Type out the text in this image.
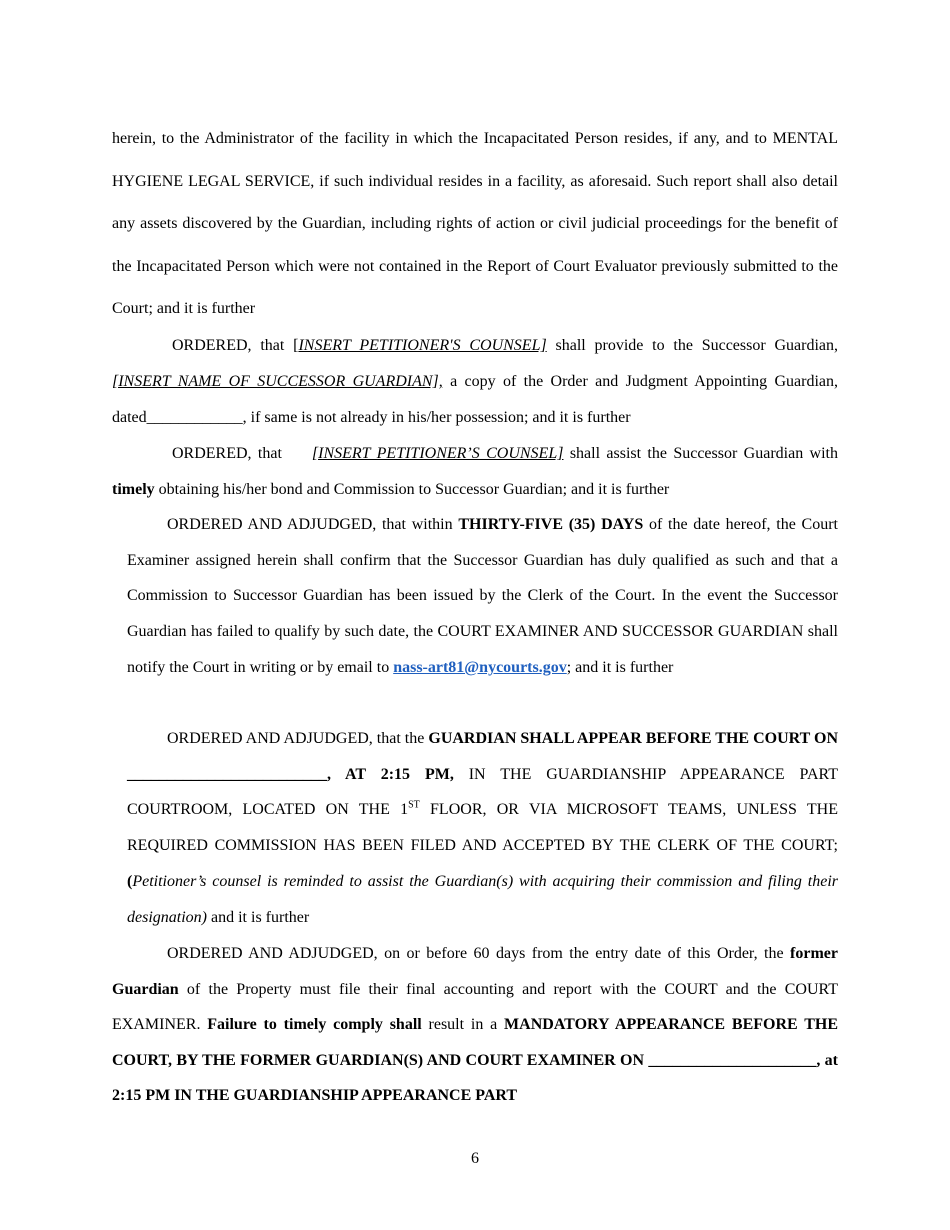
herein, to the Administrator of the facility in which the Incapacitated Person resides, if any, and to MENTAL HYGIENE LEGAL SERVICE, if such individual resides in a facility, as aforesaid. Such report shall also detail any assets discovered by the Guardian, including rights of action or civil judicial proceedings for the benefit of the Incapacitated Person which were not contained in the Report of Court Evaluator previously submitted to the Court; and it is further

ORDERED, that [INSERT PETITIONER'S COUNSEL] shall provide to the Successor Guardian, [INSERT NAME OF SUCCESSOR GUARDIAN], a copy of the Order and Judgment Appointing Guardian, dated____________, if same is not already in his/her possession; and it is further

ORDERED, that [INSERT PETITIONER’S COUNSEL] shall assist the Successor Guardian with timely obtaining his/her bond and Commission to Successor Guardian; and it is further

ORDERED AND ADJUDGED, that within THIRTY-FIVE (35) DAYS of the date hereof, the Court Examiner assigned herein shall confirm that the Successor Guardian has duly qualified as such and that a Commission to Successor Guardian has been issued by the Clerk of the Court. In the event the Successor Guardian has failed to qualify by such date, the COURT EXAMINER AND SUCCESSOR GUARDIAN shall notify the Court in writing or by email to nass-art81@nycourts.gov; and it is further

ORDERED AND ADJUDGED, that the GUARDIAN SHALL APPEAR BEFORE THE COURT ON _________________________, AT 2:15 PM, IN THE GUARDIANSHIP APPEARANCE PART COURTROOM, LOCATED ON THE 1ST FLOOR, OR VIA MICROSOFT TEAMS, UNLESS THE REQUIRED COMMISSION HAS BEEN FILED AND ACCEPTED BY THE CLERK OF THE COURT; (Petitioner’s counsel is reminded to assist the Guardian(s) with acquiring their commission and filing their designation) and it is further

ORDERED AND ADJUDGED, on or before 60 days from the entry date of this Order, the former Guardian of the Property must file their final accounting and report with the COURT and the COURT EXAMINER. Failure to timely comply shall result in a MANDATORY APPEARANCE BEFORE THE COURT, BY THE FORMER GUARDIAN(S) AND COURT EXAMINER ON _____________________, at 2:15 PM IN THE GUARDIANSHIP APPEARANCE PART

6
